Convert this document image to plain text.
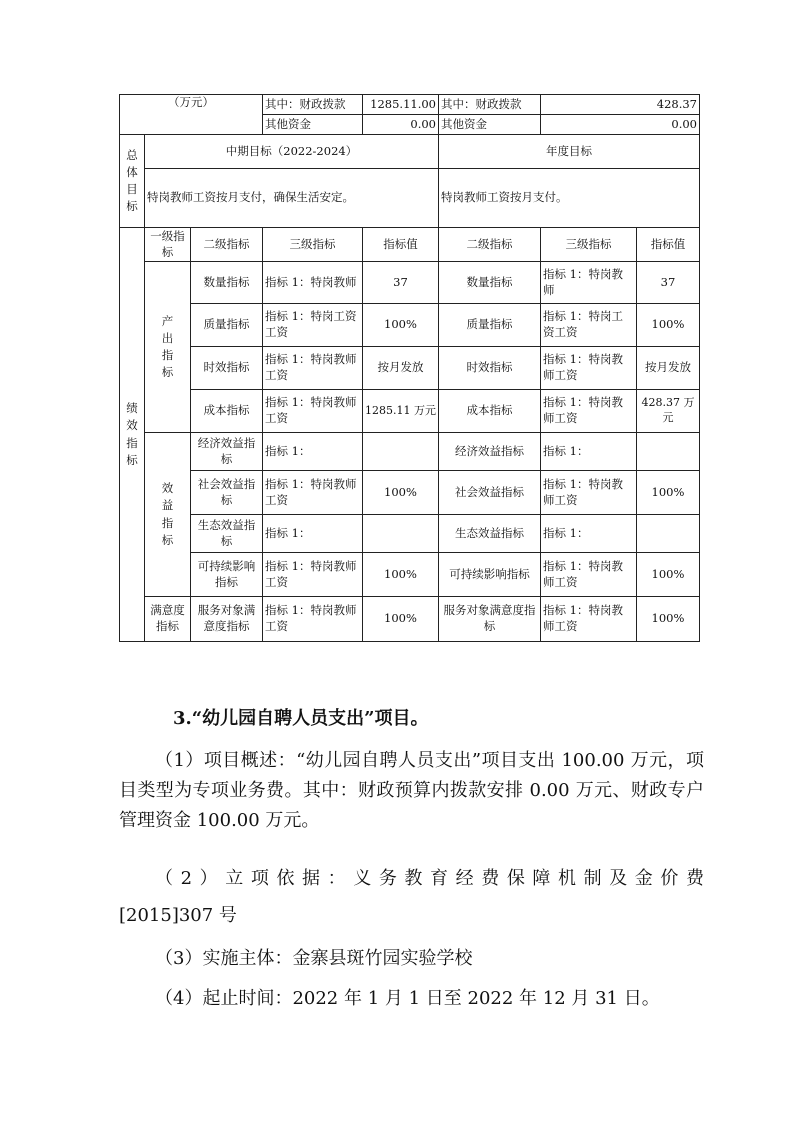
（万元）			其中：财政拨款	1285.11.00	其中：财政拨款	428.37	
			其他资金	0.00	其他资金	0.00	
总体目标	中期目标（2022-2024）				年度目标		
	特岗教师工资按月支付，确保生活安定。				特岗教师工资按月支付。		
绩效指标	一级指标	二级指标	三级指标	指标值	二级指标	三级指标	指标值
	产出指标	数量指标	指标 1：特岗教师	37	数量指标	指标 1：特岗教师	37
		质量指标	指标 1：特岗工资工资	100%	质量指标	指标 1：特岗工资工资	100%
		时效指标	指标 1：特岗教师工资	按月发放	时效指标	指标 1：特岗教师工资	按月发放
		成本指标	指标 1：特岗教师工资	1285.11 万元	成本指标	指标 1：特岗教师工资	428.37 万元
	效益指标	经济效益指标	指标 1：		经济效益指标	指标 1：	
		社会效益指标	指标 1：特岗教师工资	100%	社会效益指标	指标 1：特岗教师工资	100%
		生态效益指标	指标 1：		生态效益指标	指标 1：	
		可持续影响指标	指标 1：特岗教师工资	100%	可持续影响指标	指标 1：特岗教师工资	100%
	满意度指标	服务对象满意度指标	指标 1：特岗教师工资	100%	服务对象满意度指标	指标 1：特岗教师工资	100%

3.“幼儿园自聘人员支出”项目。

（1）项目概述：“幼儿园自聘人员支出”项目支出 100.00 万元，项目类型为专项业务费。其中：财政预算内拨款安排 0.00 万元、财政专户管理资金 100.00 万元。

（2）立项依据：义务教育经费保障机制及金价费

[2015]307 号

（3）实施主体：金寨县斑竹园实验学校

（4）起止时间：2022 年 1 月 1 日至 2022 年 12 月 31 日。
